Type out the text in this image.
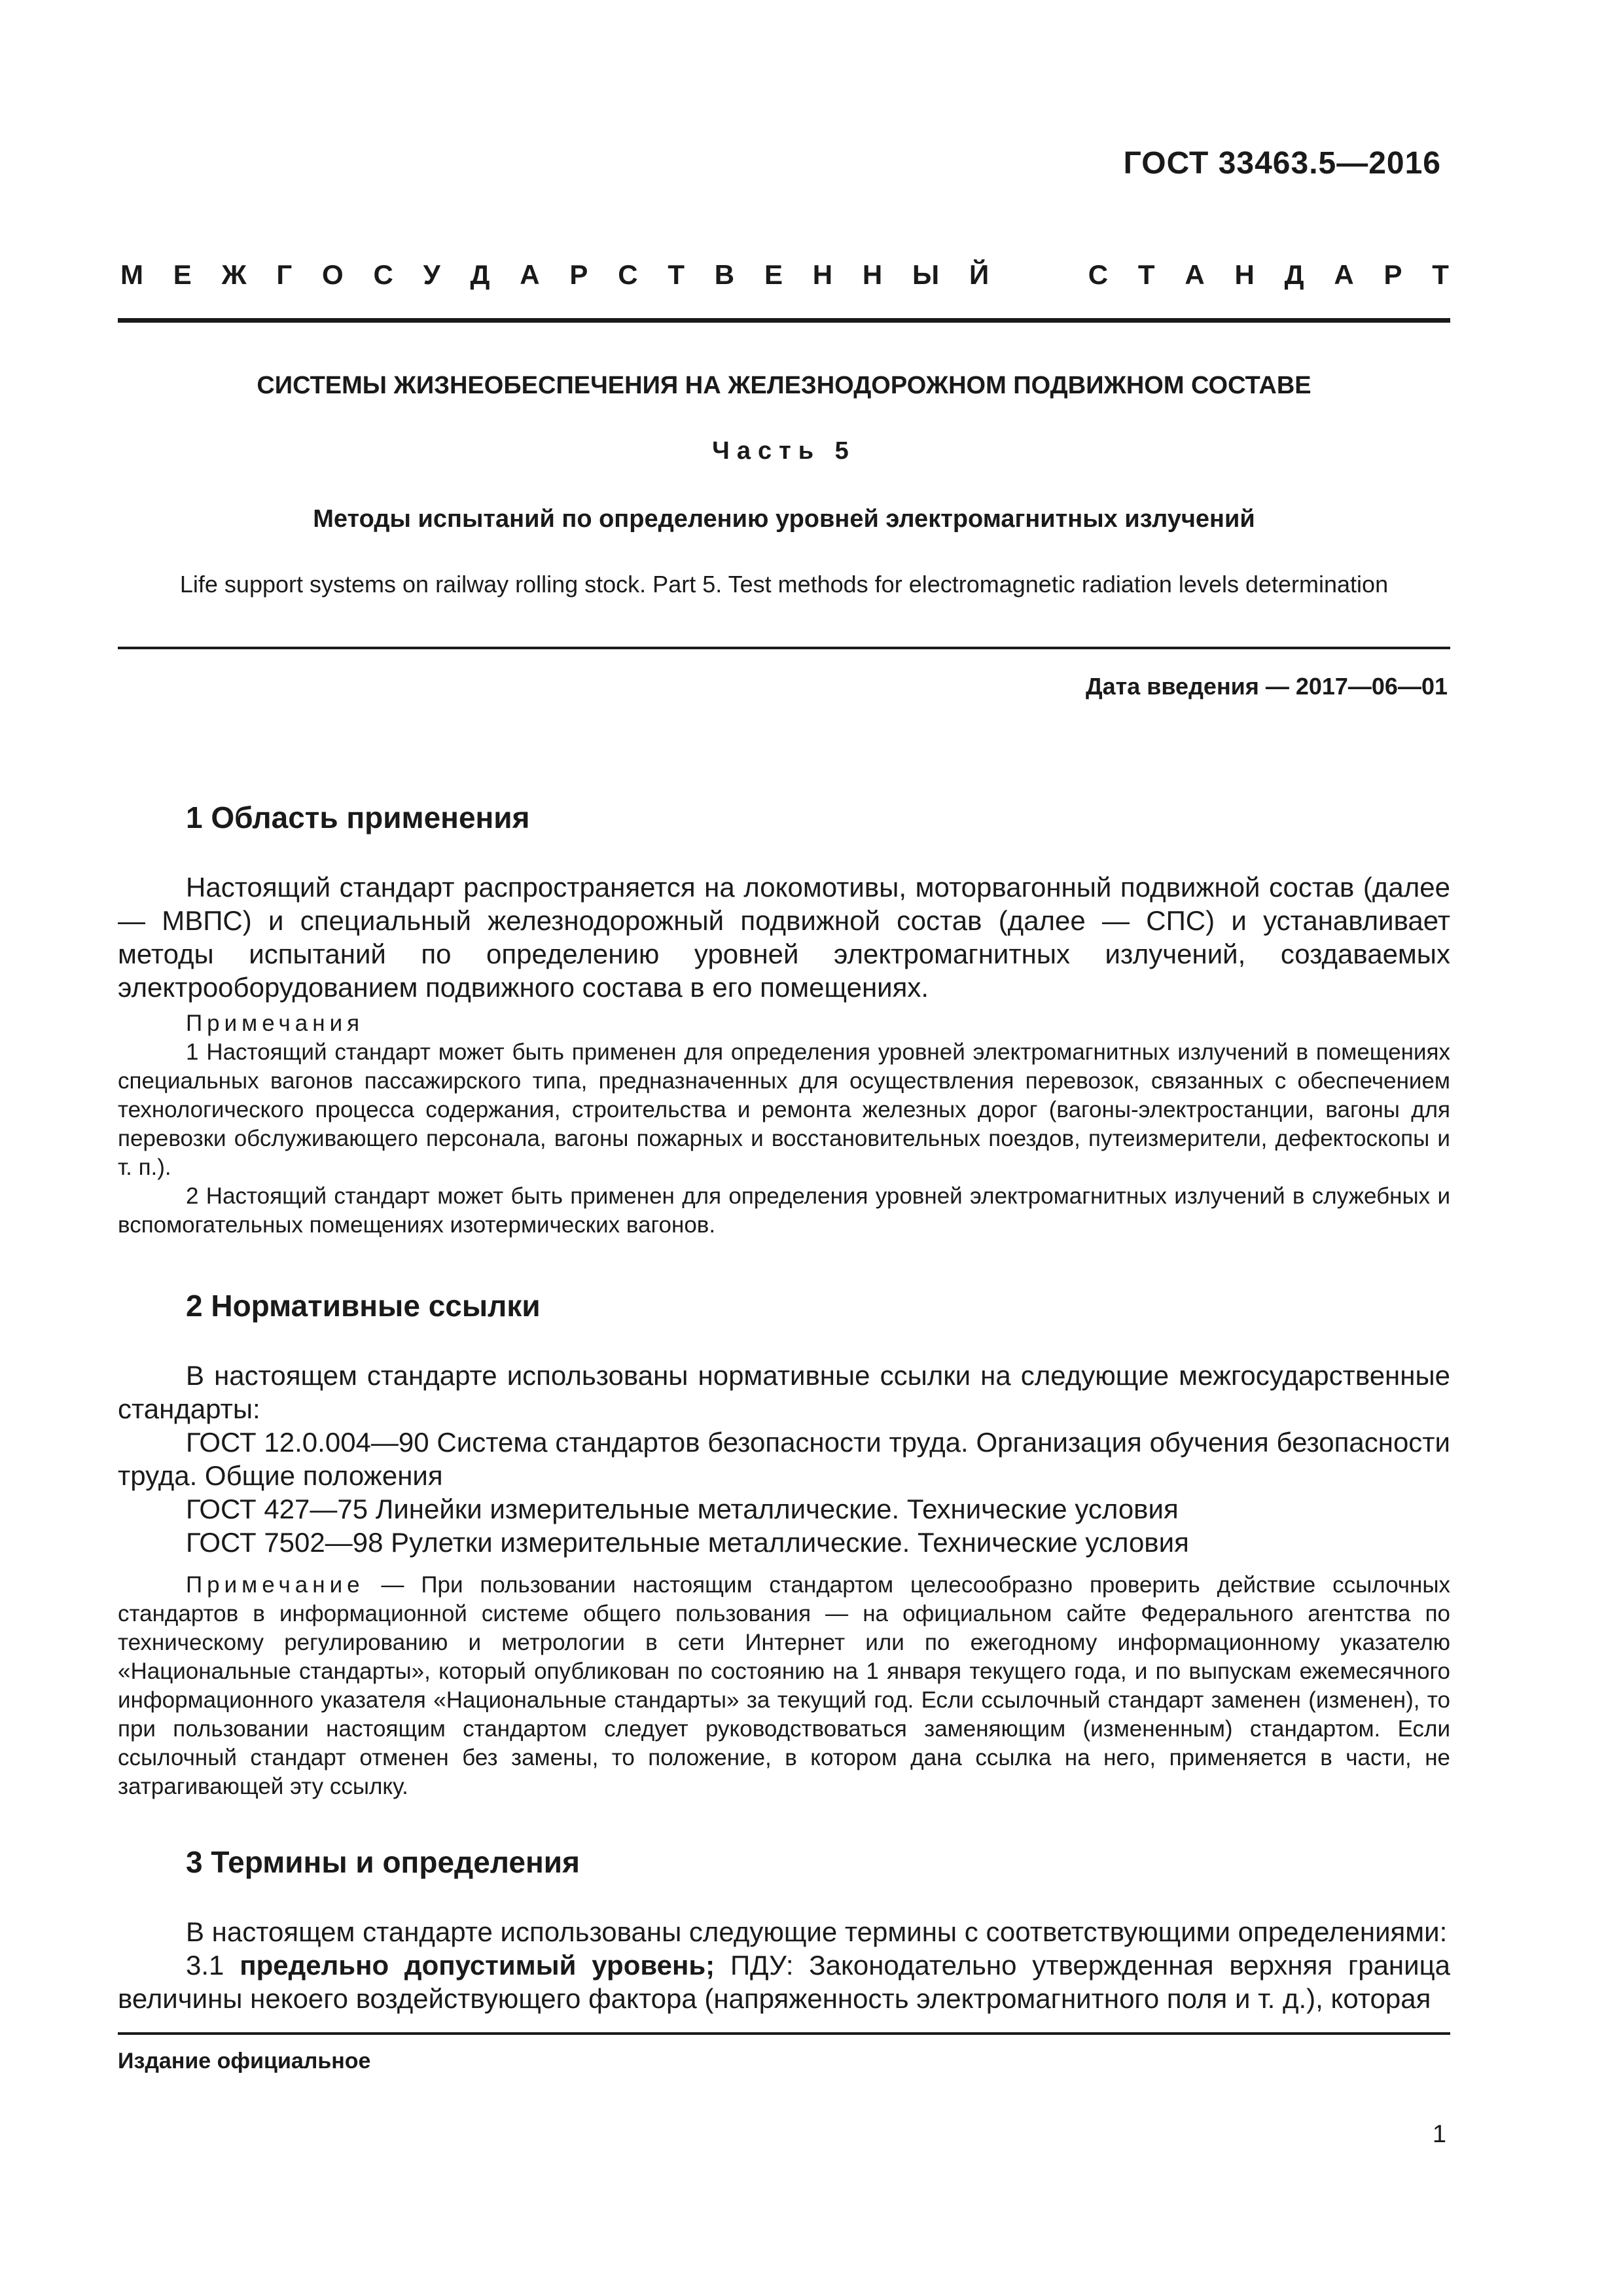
ГОСТ 33463.5—2016
М Е Ж Г О С У Д А Р С Т В Е Н Н Ы Й	С Т А Н Д А Р Т
СИСТЕМЫ ЖИЗНЕОБЕСПЕЧЕНИЯ НА ЖЕЛЕЗНОДОРОЖНОМ ПОДВИЖНОМ СОСТАВЕ
Часть 5
Методы испытаний по определению уровней электромагнитных излучений
Life support systems on railway rolling stock. Part 5. Test methods for electromagnetic radiation levels determination
Дата введения — 2017—06—01
1 Область применения

Настоящий стандарт распространяется на локомотивы, моторвагонный подвижной состав (далее — МВПС) и специальный железнодорожный подвижной состав (далее — СПС) и устанавливает методы испытаний по определению уровней электромагнитных излучений, создаваемых электрооборудованием подвижного состава в его помещениях.

Примечания

1 Настоящий стандарт может быть применен для определения уровней электромагнитных излучений в помещениях специальных вагонов пассажирского типа, предназначенных для осуществления перевозок, связанных с обеспечением технологического процесса содержания, строительства и ремонта железных дорог (вагоны-электростанции, вагоны для перевозки обслуживающего персонала, вагоны пожарных и восстановительных поездов, путеизмерители, дефектоскопы и т. п.).

2 Настоящий стандарт может быть применен для определения уровней электромагнитных излучений в служебных и вспомогательных помещениях изотермических вагонов.

2 Нормативные ссылки

В настоящем стандарте использованы нормативные ссылки на следующие межгосударственные стандарты:

ГОСТ 12.0.004—90 Система стандартов безопасности труда. Организация обучения безопасности труда. Общие положения

ГОСТ 427—75 Линейки измерительные металлические. Технические условия

ГОСТ 7502—98 Рулетки измерительные металлические. Технические условия

Примечание — При пользовании настоящим стандартом целесообразно проверить действие ссылочных стандартов в информационной системе общего пользования — на официальном сайте Федерального агентства по техническому регулированию и метрологии в сети Интернет или по ежегодному информационному указателю «Национальные стандарты», который опубликован по состоянию на 1 января текущего года, и по выпускам ежемесячного информационного указателя «Национальные стандарты» за текущий год. Если ссылочный стандарт заменен (изменен), то при пользовании настоящим стандартом следует руководствоваться заменяющим (измененным) стандартом. Если ссылочный стандарт отменен без замены, то положение, в котором дана ссылка на него, применяется в части, не затрагивающей эту ссылку.

3 Термины и определения

В настоящем стандарте использованы следующие термины с соответствующими определениями:

3.1 предельно допустимый уровень; ПДУ: Законодательно утвержденная верхняя граница величины некоего воздействующего фактора (напряженность электромагнитного поля и т. д.), которая

Издание официальное
1
